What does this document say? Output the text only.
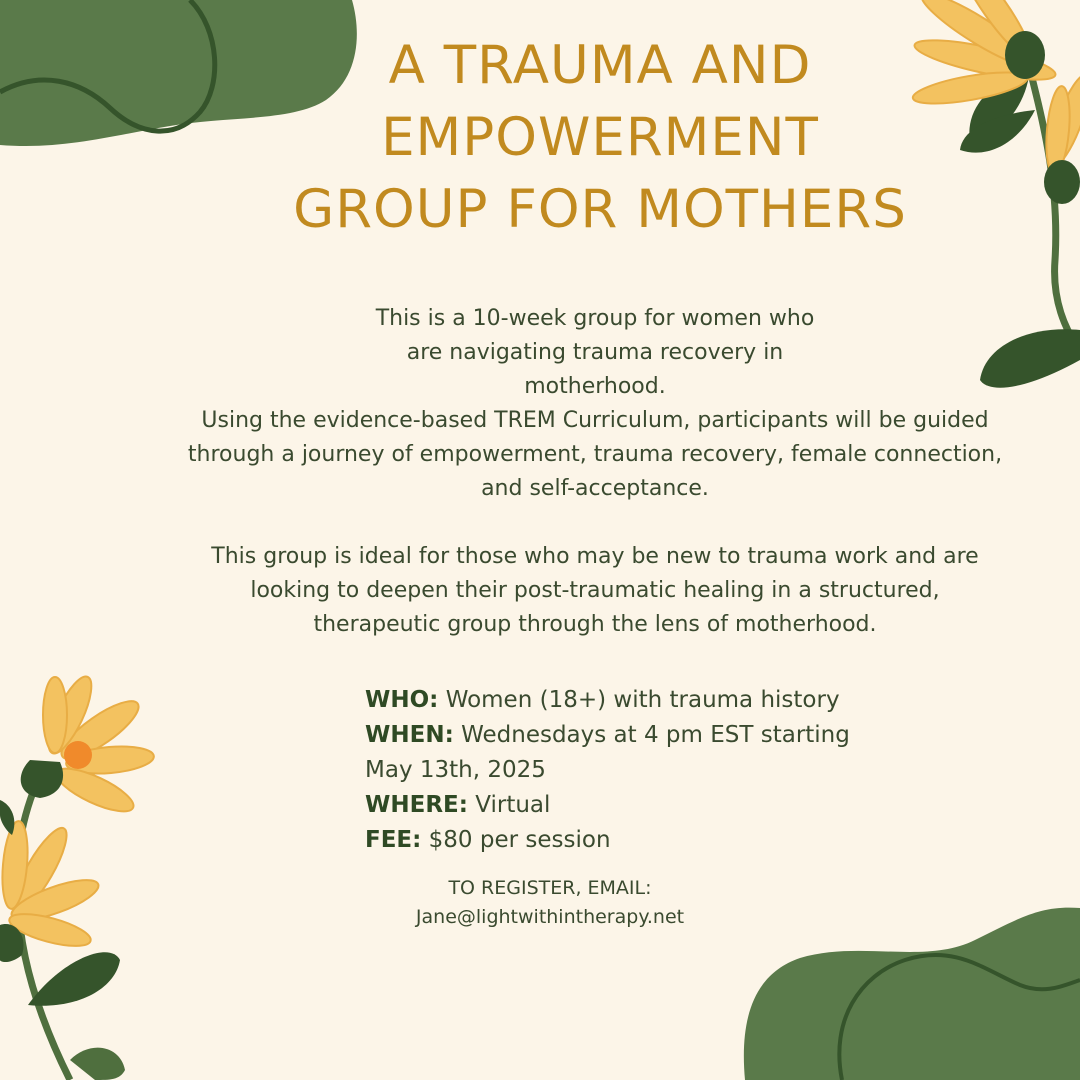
A TRAUMA AND
EMPOWERMENT
GROUP FOR MOTHERS

This is a 10-week group for women who
are navigating trauma recovery in
motherhood.
Using the evidence-based TREM Curriculum, participants will be guided
through a journey of empowerment, trauma recovery, female connection,
and self-acceptance.

This group is ideal for those who may be new to trauma work and are
looking to deepen their post-traumatic healing in a structured,
therapeutic group through the lens of motherhood.

WHO: Women (18+) with trauma history

WHEN: Wednesdays at 4 pm EST starting

May 13th, 2025

WHERE: Virtual

FEE: $80 per session

TO REGISTER, EMAIL:
Jane@lightwithintherapy.net
